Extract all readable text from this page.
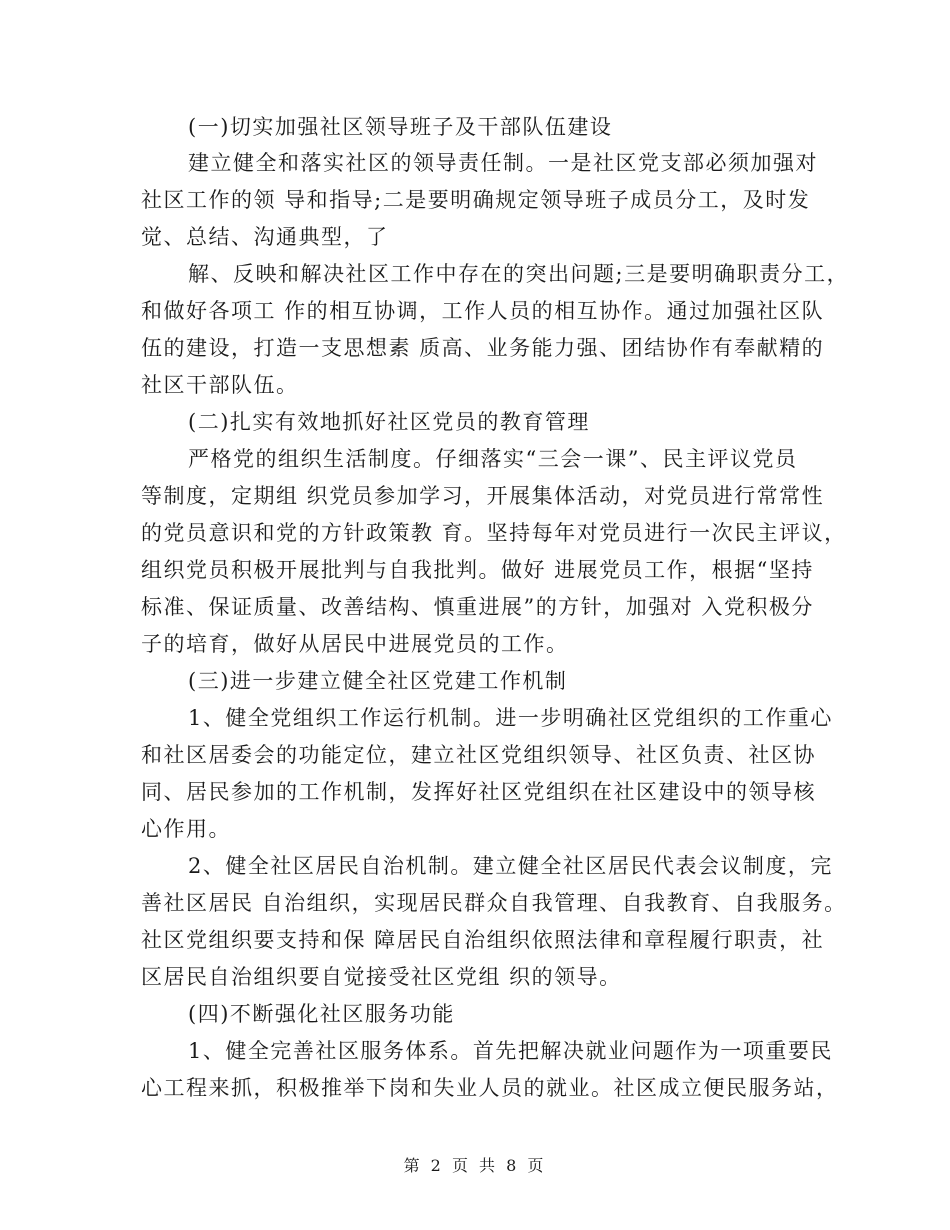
(一)切实加强社区领导班子及干部队伍建设
建立健全和落实社区的领导责任制。一是社区党支部必须加强对
社区工作的领 导和指导;二是要明确规定领导班子成员分工，及时发
觉、总结、沟通典型，了
解、反映和解决社区工作中存在的突出问题;三是要明确职责分工，
和做好各项工 作的相互协调，工作人员的相互协作。通过加强社区队
伍的建设，打造一支思想素 质高、业务能力强、团结协作有奉献精的
社区干部队伍。
(二)扎实有效地抓好社区党员的教育管理
严格党的组织生活制度。仔细落实“三会一课”、民主评议党员
等制度，定期组 织党员参加学习，开展集体活动，对党员进行常常性
的党员意识和党的方针政策教 育。坚持每年对党员进行一次民主评议，
组织党员积极开展批判与自我批判。做好 进展党员工作，根据“坚持
标准、保证质量、改善结构、慎重进展”的方针，加强对 入党积极分
子的培育，做好从居民中进展党员的工作。
(三)进一步建立健全社区党建工作机制
1、健全党组织工作运行机制。进一步明确社区党组织的工作重心
和社区居委会的功能定位，建立社区党组织领导、社区负责、社区协
同、居民参加的工作机制，发挥好社区党组织在社区建设中的领导核
心作用。
2、健全社区居民自治机制。建立健全社区居民代表会议制度，完
善社区居民 自治组织，实现居民群众自我管理、自我教育、自我服务。
社区党组织要支持和保 障居民自治组织依照法律和章程履行职责，社
区居民自治组织要自觉接受社区党组 织的领导。
(四)不断强化社区服务功能
1、健全完善社区服务体系。首先把解决就业问题作为一项重要民
心工程来抓，积极推举下岗和失业人员的就业。社区成立便民服务站，
第 2 页 共 8 页
